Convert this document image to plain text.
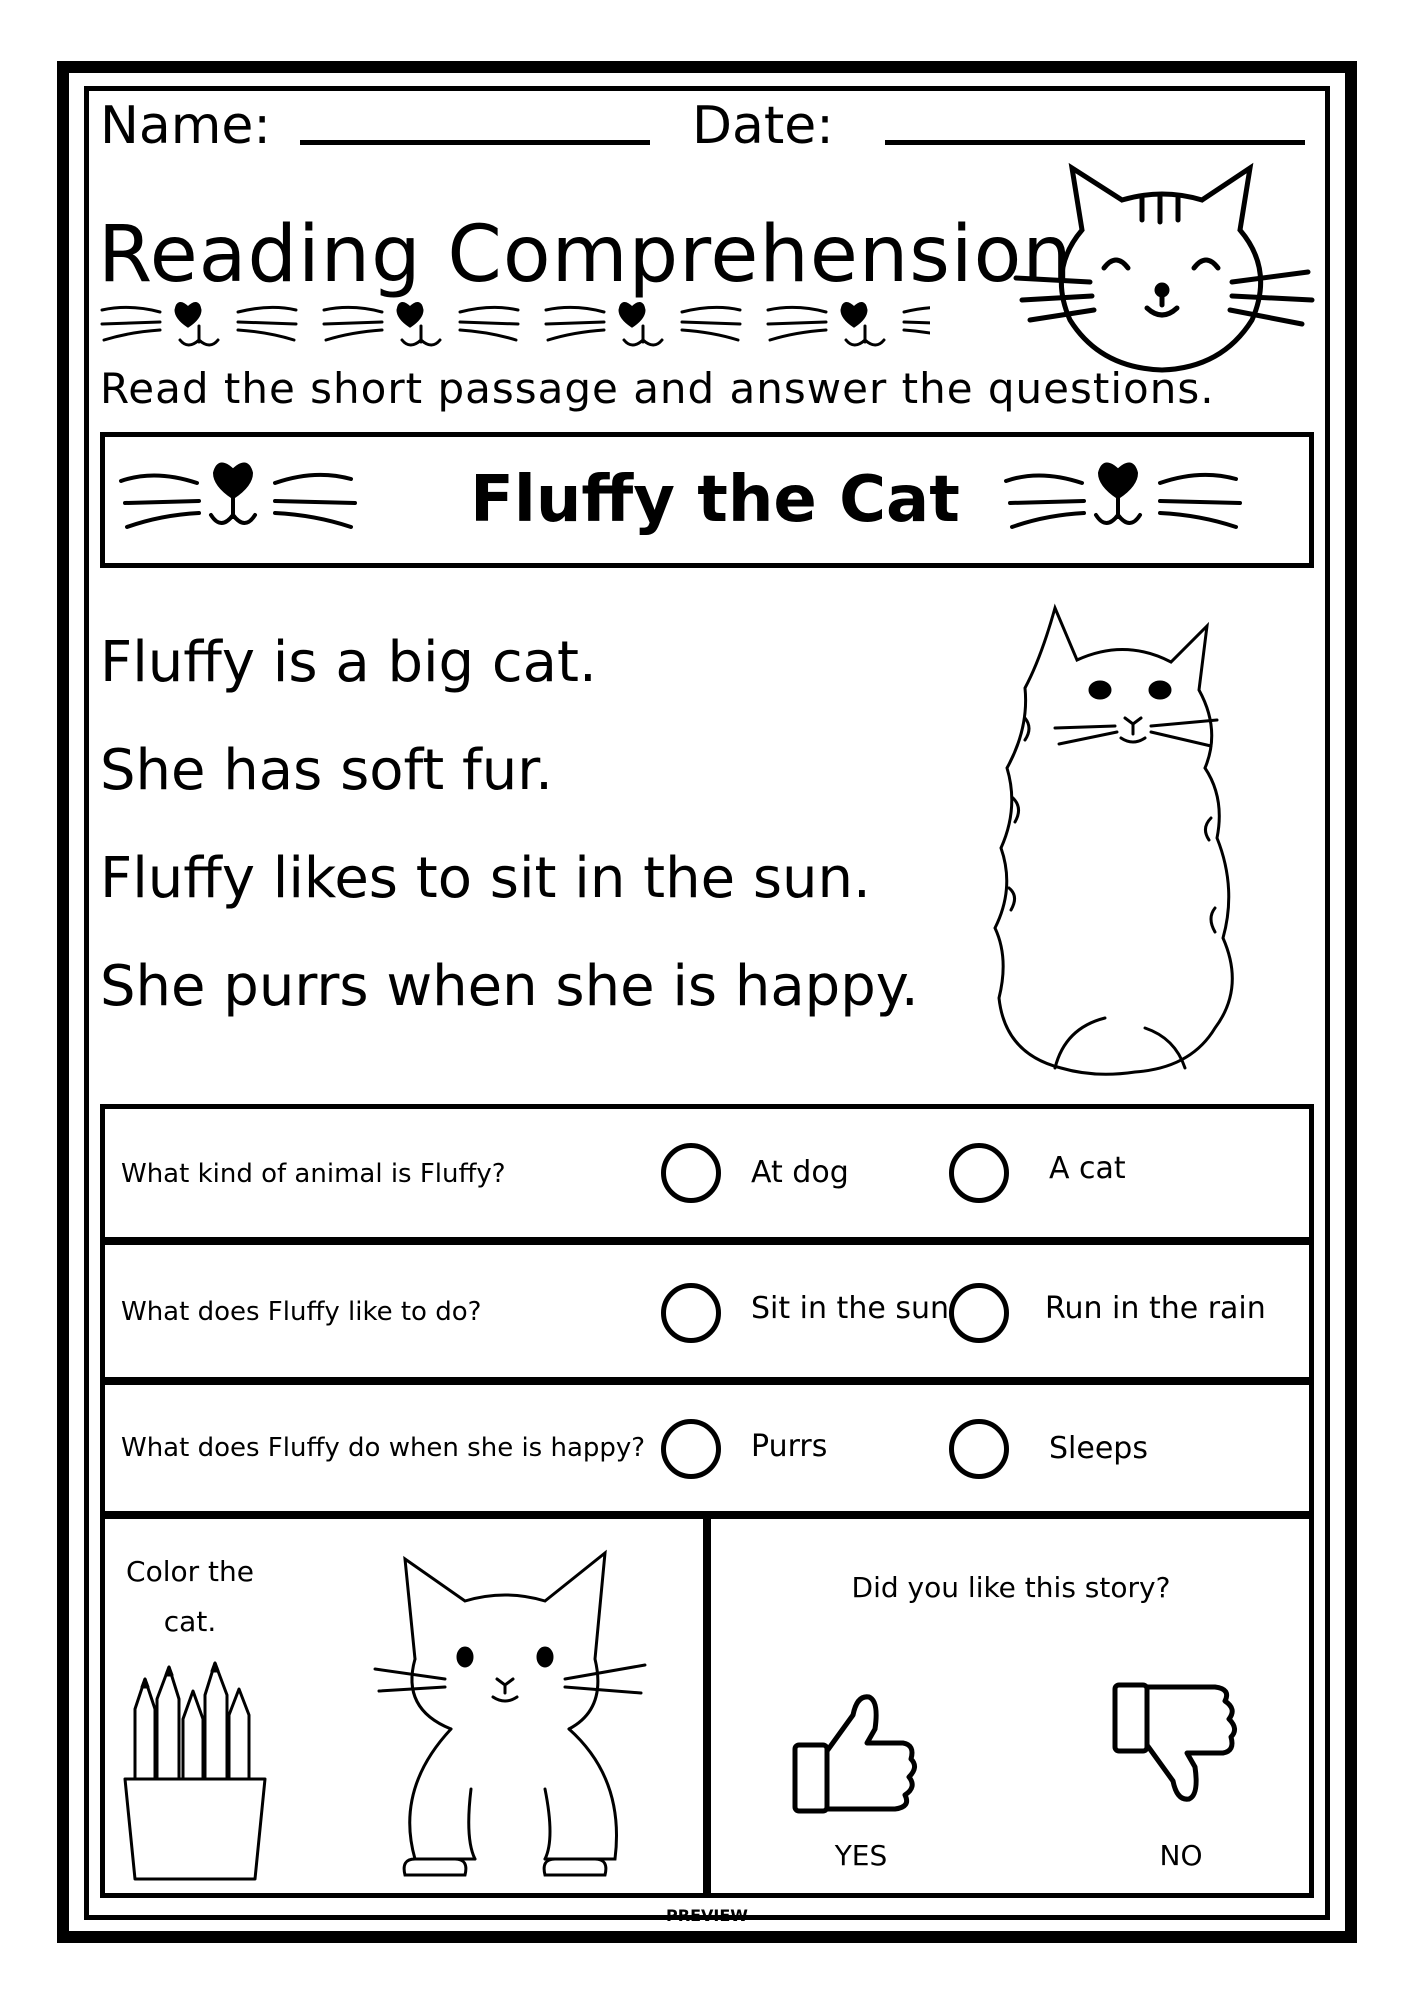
Name:	Date:
Reading Comprehension
Read the short passage and answer the questions.
Fluffy the Cat
Fluffy is a big cat.
She has soft fur.
Fluffy likes to sit in the sun.
She purrs when she is happy.
What kind of animal is Fluffy?	At dog	A cat
What does Fluffy like to do?	Sit in the sun	Run in the rain
What does Fluffy do when she is happy?	Purrs	Sleeps
Color the
cat.
Did you like this story?
YES	NO
PREVIEW
